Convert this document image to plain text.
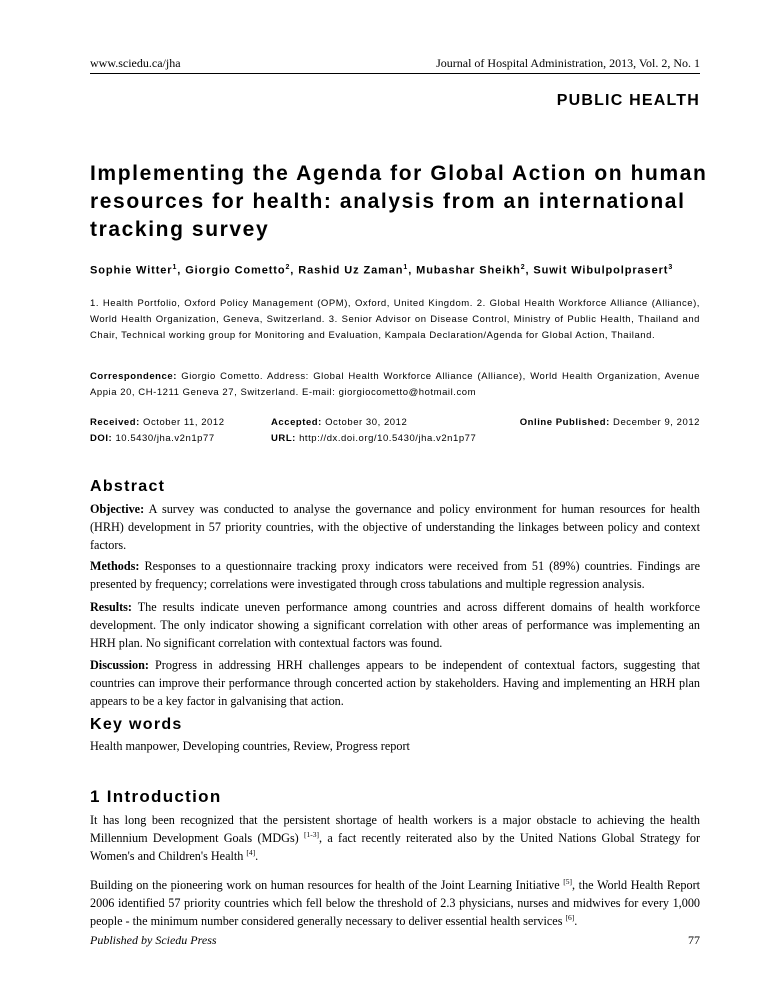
www.sciedu.ca/jha	Journal of Hospital Administration, 2013, Vol. 2, No. 1
PUBLIC HEALTH
Implementing the Agenda for Global Action on human resources for health: analysis from an international tracking survey
Sophie Witter$^1$, Giorgio Cometto$^2$, Rashid Uz Zaman$^1$, Mubashar Sheikh$^2$, Suwit Wibulpolprasert$^3$

1. Health Portfolio, Oxford Policy Management (OPM), Oxford, United Kingdom. 2. Global Health Workforce Alliance (Alliance), World Health Organization, Geneva, Switzerland. 3. Senior Advisor on Disease Control, Ministry of Public Health, Thailand and Chair, Technical working group for Monitoring and Evaluation, Kampala Declaration/Agenda for Global Action, Thailand.

Correspondence: Giorgio Cometto. Address: Global Health Workforce Alliance (Alliance), World Health Organization, Avenue Appia 20, CH-1211 Geneva 27, Switzerland. E-mail: giorgiocometto@hotmail.com

Received: October 11, 2012	Accepted: October 30, 2012	Online Published: December 9, 2012
DOI: 10.5430/jha.v2n1p77	URL: http://dx.doi.org/10.5430/jha.v2n1p77
Abstract

Objective: A survey was conducted to analyse the governance and policy environment for human resources for health (HRH) development in 57 priority countries, with the objective of understanding the linkages between policy and context factors.

Methods: Responses to a questionnaire tracking proxy indicators were received from 51 (89%) countries. Findings are presented by frequency; correlations were investigated through cross tabulations and multiple regression analysis.

Results: The results indicate uneven performance among countries and across different domains of health workforce development. The only indicator showing a significant correlation with other areas of performance was implementing an HRH plan. No significant correlation with contextual factors was found.

Discussion: Progress in addressing HRH challenges appears to be independent of contextual factors, suggesting that countries can improve their performance through concerted action by stakeholders. Having and implementing an HRH plan appears to be a key factor in galvanising that action.

Key words

Health manpower, Developing countries, Review, Progress report

1 Introduction

It has long been recognized that the persistent shortage of health workers is a major obstacle to achieving the health Millennium Development Goals (MDGs) [1-3], a fact recently reiterated also by the United Nations Global Strategy for Women's and Children's Health [4].

Building on the pioneering work on human resources for health of the Joint Learning Initiative [5], the World Health Report 2006 identified 57 priority countries which fell below the threshold of 2.3 physicians, nurses and midwives for every 1,000 people - the minimum number considered generally necessary to deliver essential health services [6].

Published by Sciedu Press	77
